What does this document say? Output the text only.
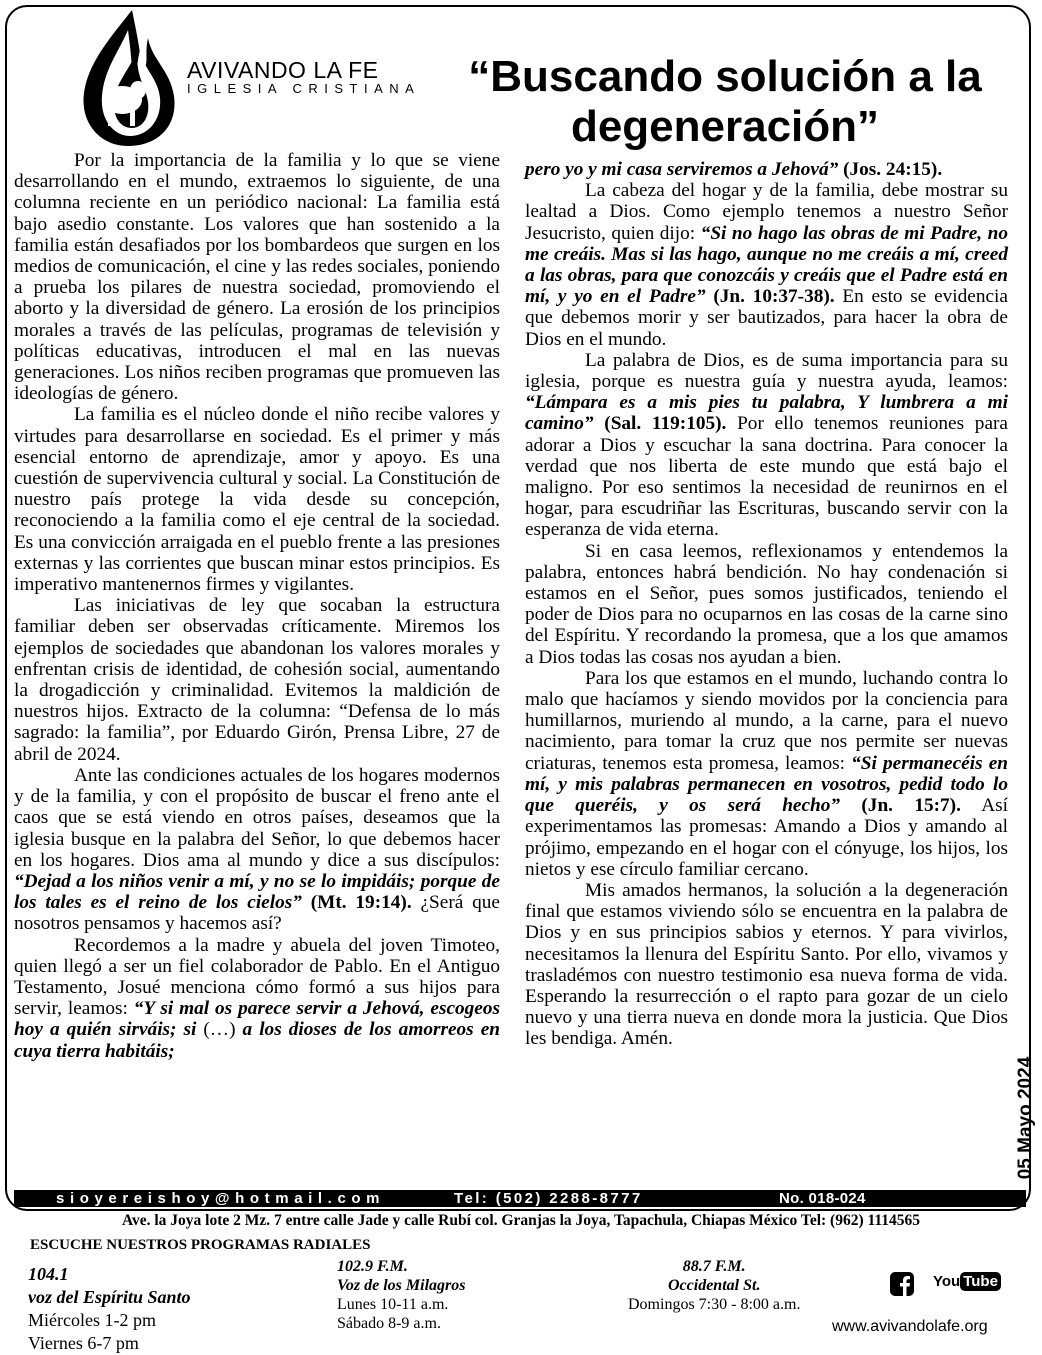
AVIVANDO LA FE
IGLESIA CRISTIANA	“Buscando solución a la
degeneración”

Por la importancia de la familia y lo que se viene desarrollando en el mundo, extraemos lo siguiente, de una columna reciente en un periódico nacional: La familia está bajo asedio constante. Los valores que han sostenido a la familia están desafiados por los bombardeos que surgen en los medios de comunicación, el cine y las redes sociales, poniendo a prueba los pilares de nuestra sociedad, promoviendo el aborto y la diversidad de género. La erosión de los principios morales a través de las películas, programas de televisión y políticas educativas, introducen el mal en las nuevas generaciones. Los niños reciben programas que promueven las ideologías de género.

La familia es el núcleo donde el niño recibe valores y virtudes para desarrollarse en sociedad. Es el primer y más esencial entorno de aprendizaje, amor y apoyo. Es una cuestión de supervivencia cultural y social. La Constitución de nuestro país protege la vida desde su concepción, reconociendo a la familia como el eje central de la sociedad. Es una convicción arraigada en el pueblo frente a las presiones externas y las corrientes que buscan minar estos principios. Es imperativo mantenernos firmes y vigilantes.

Las iniciativas de ley que socaban la estructura familiar deben ser observadas críticamente. Miremos los ejemplos de sociedades que abandonan los valores morales y enfrentan crisis de identidad, de cohesión social, aumentando la drogadicción y criminalidad. Evitemos la maldición de nuestros hijos. Extracto de la columna: “Defensa de lo más sagrado: la familia”, por Eduardo Girón, Prensa Libre, 27 de abril de 2024.

Ante las condiciones actuales de los hogares modernos y de la familia, y con el propósito de buscar el freno ante el caos que se está viendo en otros países, deseamos que la iglesia busque en la palabra del Señor, lo que debemos hacer en los hogares. Dios ama al mundo y dice a sus discípulos: “Dejad a los niños venir a mí, y no se lo impidáis; porque de los tales es el reino de los cielos” (Mt. 19:14). ¿Será que nosotros pensamos y hacemos así?

Recordemos a la madre y abuela del joven Timoteo, quien llegó a ser un fiel colaborador de Pablo. En el Antiguo Testamento, Josué menciona cómo formó a sus hijos para servir, leamos: “Y si mal os parece servir a Jehová, escogeos hoy a quién sirváis; si (…) a los dioses de los amorreos en cuya tierra habitáis;

pero yo y mi casa serviremos a Jehová” (Jos. 24:15).

La cabeza del hogar y de la familia, debe mostrar su lealtad a Dios. Como ejemplo tenemos a nuestro Señor Jesucristo, quien dijo: “Si no hago las obras de mi Padre, no me creáis. Mas si las hago, aunque no me creáis a mí, creed a las obras, para que conozcáis y creáis que el Padre está en mí, y yo en el Padre” (Jn. 10:37-38). En esto se evidencia que debemos morir y ser bautizados, para hacer la obra de Dios en el mundo.

La palabra de Dios, es de suma importancia para su iglesia, porque es nuestra guía y nuestra ayuda, leamos: “Lámpara es a mis pies tu palabra, Y lumbrera a mi camino” (Sal. 119:105). Por ello tenemos reuniones para adorar a Dios y escuchar la sana doctrina. Para conocer la verdad que nos liberta de este mundo que está bajo el maligno. Por eso sentimos la necesidad de reunirnos en el hogar, para escudriñar las Escrituras, buscando servir con la esperanza de vida eterna.

Si en casa leemos, reflexionamos y entendemos la palabra, entonces habrá bendición. No hay condenación si estamos en el Señor, pues somos justificados, teniendo el poder de Dios para no ocuparnos en las cosas de la carne sino del Espíritu. Y recordando la promesa, que a los que amamos a Dios todas las cosas nos ayudan a bien.

Para los que estamos en el mundo, luchando contra lo malo que hacíamos y siendo movidos por la conciencia para humillarnos, muriendo al mundo, a la carne, para el nuevo nacimiento, para tomar la cruz que nos permite ser nuevas criaturas, tenemos esta promesa, leamos: “Si permanecéis en mí, y mis palabras permanecen en vosotros, pedid todo lo que queréis, y os será hecho” (Jn. 15:7). Así experimentamos las promesas: Amando a Dios y amando al prójimo, empezando en el hogar con el cónyuge, los hijos, los nietos y ese círculo familiar cercano.

Mis amados hermanos, la solución a la degeneración final que estamos viviendo sólo se encuentra en la palabra de Dios y en sus principios sabios y eternos. Y para vivirlos, necesitamos la llenura del Espíritu Santo. Por ello, vivamos y trasladémos con nuestro testimonio esa nueva forma de vida. Esperando la resurrección o el rapto para gozar de un cielo nuevo y una tierra nueva en donde mora la justicia. Que Dios les bendiga. Amén.

05 Mayo 2024
sioyereishoy@hotmail.com	Tel: (502) 2288-8777	No. 018-024
Ave. la Joya lote 2 Mz. 7 entre calle Jade y calle Rubí col. Granjas la Joya, Tapachula, Chiapas México Tel: (962) 1114565
ESCUCHE NUESTROS PROGRAMAS RADIALES
104.1
voz del Espíritu Santo
Miércoles 1-2 pm
Viernes 6-7 pm
102.9 F.M.
Voz de los Milagros
Lunes 10-11 a.m.
Sábado 8-9 a.m.
88.7 F.M.
Occidental St.
Domingos 7:30 - 8:00 a.m.
You Tube
www.avivandolafe.org
